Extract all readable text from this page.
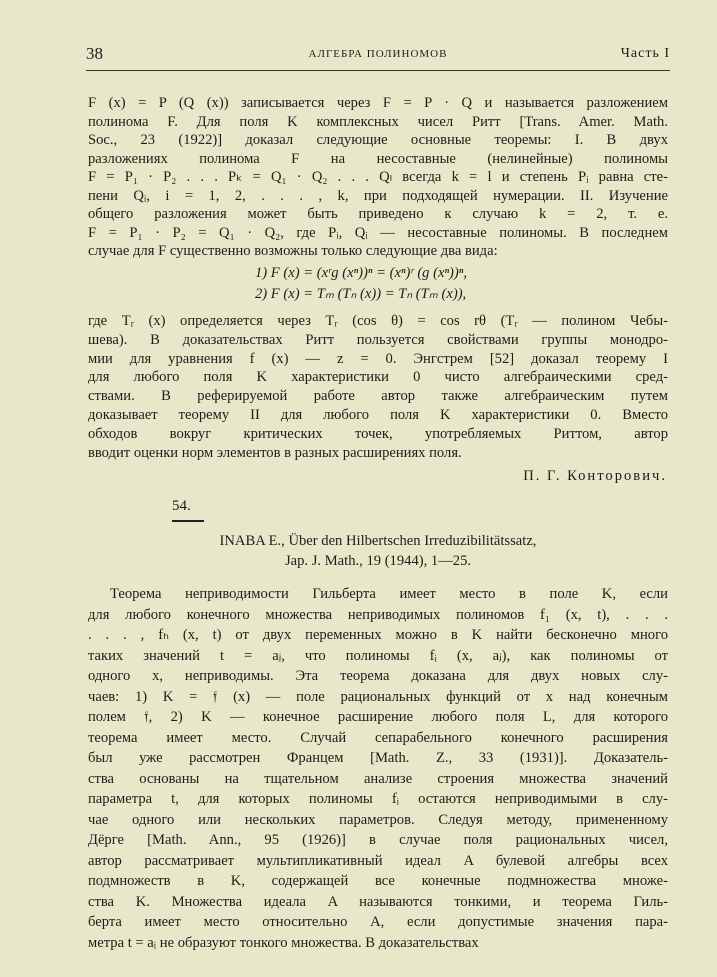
38	АЛГЕБРА ПОЛИНОМОВ	Часть I
F (x) = P (Q (x)) записывается через F = P · Q и называется разложением
полинома F. Для поля K комплексных чисел Ритт [Trans. Amer. Math.
Soc., 23 (1922)] доказал следующие основные теоремы: I. В двух
разложениях полинома F на несоставные (нелинейные) полиномы
F = P₁ · P₂ . . . Pₖ = Q₁ · Q₂ . . . Qₗ всегда k = l и степень Pᵢ равна сте-
пени Qᵢ, i = 1, 2, . . . , k, при подходящей нумерации. II. Изучение
общего разложения может быть приведено к случаю k = 2, т. е.
F = P₁ · P₂ = Q₁ · Q₂, где Pᵢ, Qᵢ — несоставные полиномы. В последнем
случае для F существенно возможны только следующие два вида:
1) F (x) = (xʳg (xⁿ))ⁿ = (xⁿ)ʳ (g (xⁿ))ⁿ,
2) F (x) = Tₘ (Tₙ (x)) = Tₙ (Tₘ (x)),
где Tᵣ (x) определяется через Tᵣ (cos θ) = cos rθ (Tᵣ — полином Чебы-
шева). В доказательствах Ритт пользуется свойствами группы монодро-
мии для уравнения f (x) — z = 0. Энгстрем [52] доказал теорему I
для любого поля K характеристики 0 чисто алгебраическими сред-
ствами. В реферируемой работе автор также алгебраическим путем
доказывает теорему II для любого поля K характеристики 0. Вместо
обходов вокруг критических точек, употребляемых Риттом, автор
вводит оценки норм элементов в разных расширениях поля.
П. Г. Конторович.
54.
INABA E., Über den Hilbertschen Irreduzibilitätssatz,
Jap. J. Math., 19 (1944), 1—25.
Теорема неприводимости Гильберта имеет место в поле K, если
для любого конечного множества неприводимых полиномов f₁ (x, t), . . .
. . . , fₕ (x, t) от двух переменных можно в K найти бесконечно много
таких значений t = aⱼ, что полиномы fᵢ (x, aⱼ), как полиномы от
одного x, неприводимы. Эта теорема доказана для двух новых слу-
чаев: 1) K = 𝔣 (x) — поле рациональных функций от x над конечным
полем 𝔣, 2) K — конечное расширение любого поля L, для которого
теорема имеет место. Случай сепарабельного конечного расширения
был уже рассмотрен Францем [Math. Z., 33 (1931)]. Доказатель-
ства основаны на тщательном анализе строения множества значений
параметра t, для которых полиномы fᵢ остаются неприводимыми в слу-
чае одного или нескольких параметров. Следуя методу, примененному
Дёрге [Math. Ann., 95 (1926)] в случае поля рациональных чисел,
автор рассматривает мультипликативный идеал A булевой алгебры всех
подмножеств в K, содержащей все конечные подмножества множе-
ства K. Множества идеала A называются тонкими, и теорема Гиль-
берта имеет место относительно A, если допустимые значения пара-
метра t = aᵢ не образуют тонкого множества. В доказательствах
